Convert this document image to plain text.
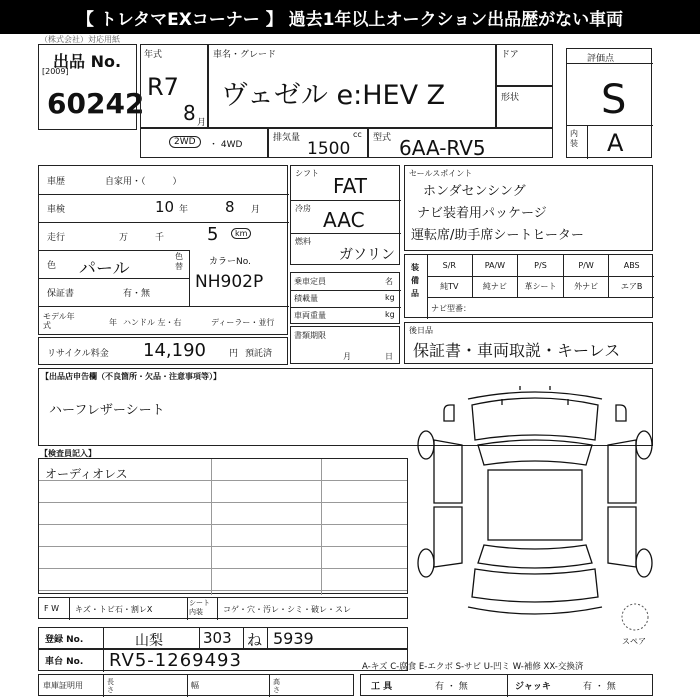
【 トレタマEXコーナー 】 過去1年以上オークション出品歴がない車両
（株式会社）対応用紙
出品 No.
[2009]
60242
年式
R7
8 月
車名・グレード
ヴェゼル e:HEV Z
ドア
形状
評価点
S
内装 A
2WD	・ 4WD
排気量	cc
1500
型式 6AA-RV5
車歴	自家用・（　　　）
車検	10 年 8 月
走行	万	千 5	km
色 パール
色替	カラーNo.
NH902P
保証書	有・無
モデル年式	年 ハンドル 左・右	ディーラー・並行
リサイクル料金 14,190	円 預託済
シフト
FAT
冷房 AAC
燃料
ガソリン
乗車定員	名
積載量	kg
車両重量	kg
書類期限
月	日
セールスポイント
ホンダセンシング
ナビ装着用パッケージ
運転席/助手席シートヒーター
装備品
S/R	PA/W	P/S	P/W	ABS
純TV	純ナビ	革シート	外ナビ	エアB
ナビ型番：
後日品
保証書・車両取説・キーレス
【出品店申告欄（不良箇所・欠品・注意事項等）】
ハーフレザーシート
【検査員記入】
オーディオレス
スペア
F W キズ・トビ石・割レX
シート内装	コゲ・穴・汚レ・シミ・破レ・スレ
登録 No.	山梨	303 ね 5939
車台 No. RV5-1269493	A-キズ C-腐食 E-エクボ S-サビ U-凹ミ W-補修 XX-交換済
車庫証明用	長さ	幅	高さ	工 具	有 ・ 無	ジャッキ	有 ・ 無
